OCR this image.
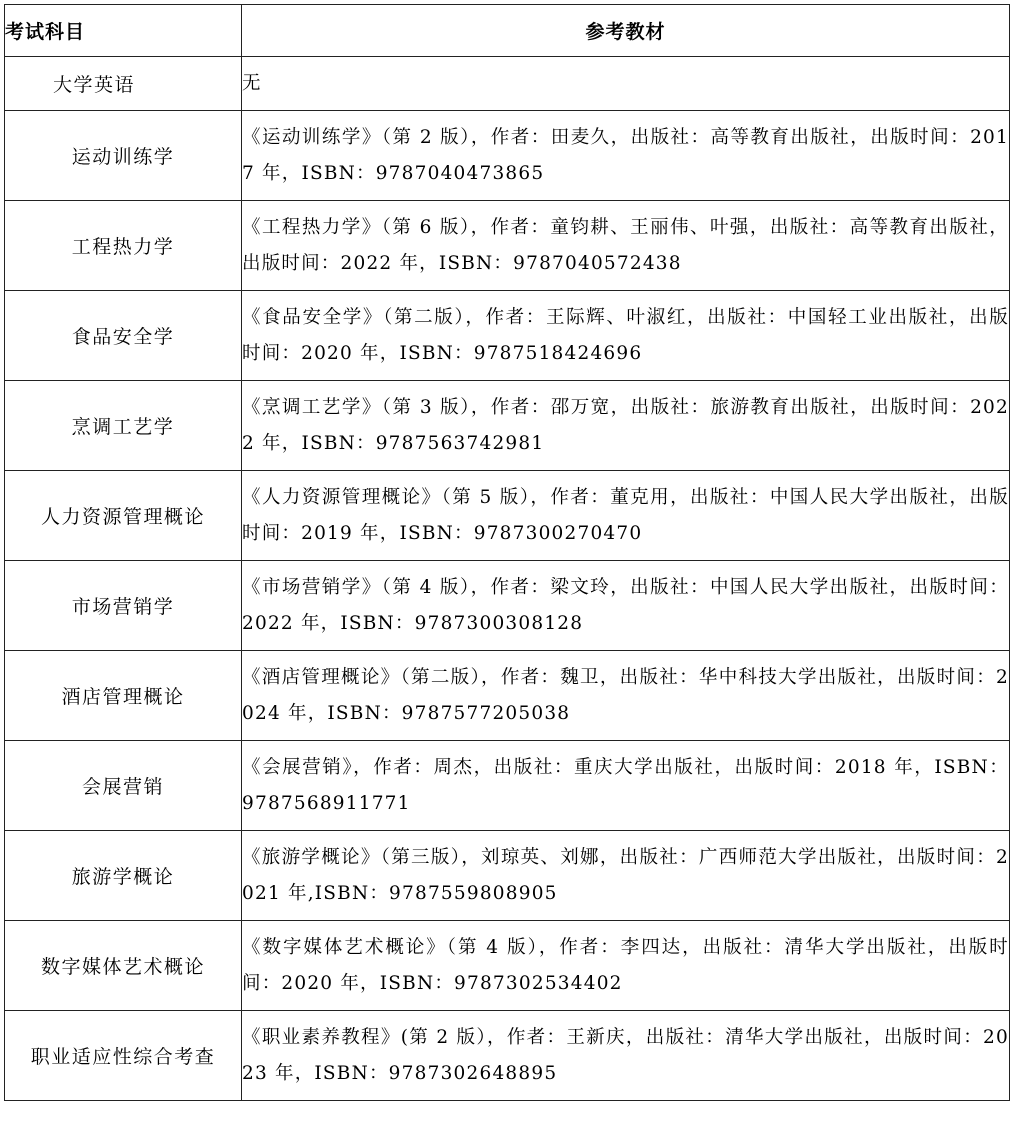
考试科目	参考教材
大学英语	无
运动训练学	《运动训练学》（第 2 版），作者：田麦久，出版社：高等教育出版社，出版时间：2017 年，ISBN：9787040473865
工程热力学	《工程热力学》（第 6 版），作者：童钧耕、王丽伟、叶强，出版社：高等教育出版社，出版时间：2022 年，ISBN：9787040572438
食品安全学	《食品安全学》（第二版），作者：王际辉、叶淑红，出版社：中国轻工业出版社，出版时间：2020 年，ISBN：9787518424696
烹调工艺学	《烹调工艺学》（第 3 版），作者：邵万宽，出版社：旅游教育出版社，出版时间：2022 年，ISBN：9787563742981
人力资源管理概论	《人力资源管理概论》（第 5 版），作者：董克用，出版社：中国人民大学出版社，出版时间：2019 年，ISBN：9787300270470
市场营销学	《市场营销学》（第 4 版），作者：梁文玲，出版社：中国人民大学出版社，出版时间：2022 年，ISBN：9787300308128
酒店管理概论	《酒店管理概论》（第二版），作者：魏卫，出版社：华中科技大学出版社，出版时间：2024 年，ISBN：9787577205038
会展营销	《会展营销》，作者：周杰，出版社：重庆大学出版社，出版时间：2018 年，ISBN：9787568911771
旅游学概论	《旅游学概论》（第三版），刘琼英、刘娜，出版社：广西师范大学出版社，出版时间：2021 年,ISBN：9787559808905
数字媒体艺术概论	《数字媒体艺术概论》（第 4 版），作者：李四达，出版社：清华大学出版社，出版时间：2020 年，ISBN：9787302534402
职业适应性综合考查	《职业素养教程》(第 2 版），作者：王新庆，出版社：清华大学出版社，出版时间：2023 年，ISBN：9787302648895
